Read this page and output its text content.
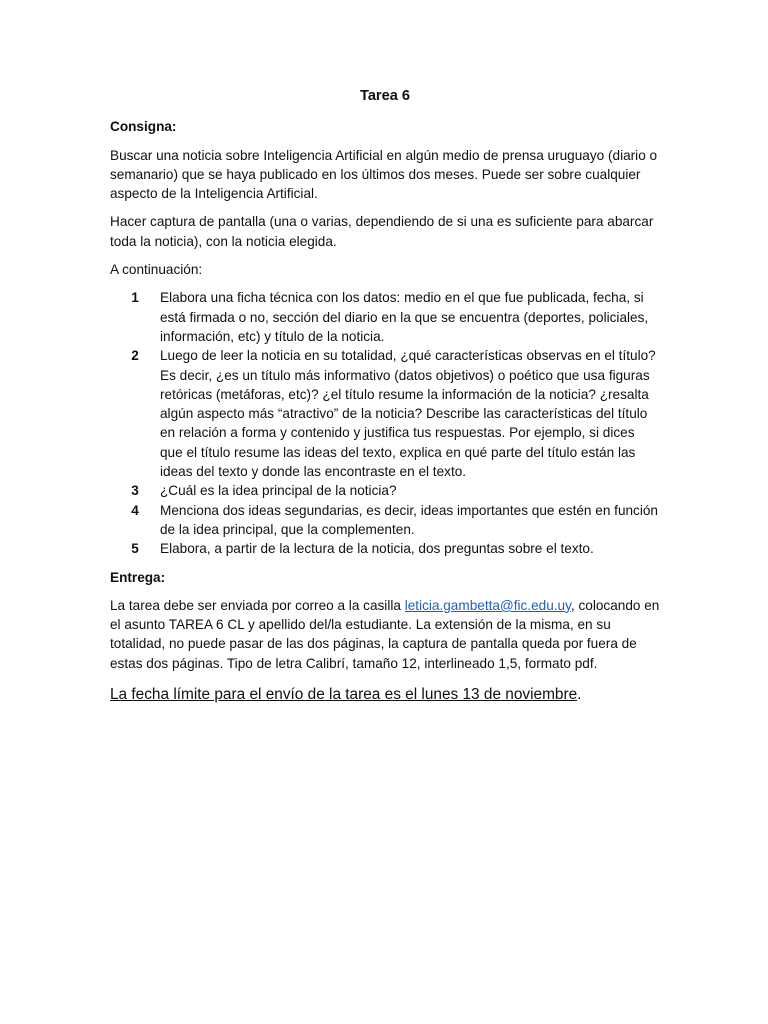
Tarea 6
Consigna:

Buscar una noticia sobre Inteligencia Artificial en algún medio de prensa uruguayo (diario o semanario) que se haya publicado en los últimos dos meses. Puede ser sobre cualquier aspecto de la Inteligencia Artificial.

Hacer captura de pantalla (una o varias, dependiendo de si una es suficiente para abarcar toda la noticia), con la noticia elegida.

A continuación:

1	Elabora una ficha técnica con los datos: medio en el que fue publicada, fecha, si está firmada o no, sección del diario en la que se encuentra (deportes, policiales, información, etc) y título de la noticia.
2	Luego de leer la noticia en su totalidad, ¿qué características observas en el título? Es decir, ¿es un título más informativo (datos objetivos) o poético que usa figuras retóricas (metáforas, etc)? ¿el título resume la información de la noticia? ¿resalta algún aspecto más “atractivo” de la noticia? Describe las características del título en relación a forma y contenido y justifica tus respuestas. Por ejemplo, si dices que el título resume las ideas del texto, explica en qué parte del título están las ideas del texto y donde las encontraste en el texto.
3	¿Cuál es la idea principal de la noticia?
4	Menciona dos ideas segundarias, es decir, ideas importantes que estén en función de la idea principal, que la complementen.
5	Elabora, a partir de la lectura de la noticia, dos preguntas sobre el texto.
Entrega:

La tarea debe ser enviada por correo a la casilla leticia.gambetta@fic.edu.uy, colocando en el asunto TAREA 6 CL y apellido del/la estudiante. La extensión de la misma, en su totalidad, no puede pasar de las dos páginas, la captura de pantalla queda por fuera de estas dos páginas. Tipo de letra Calibrí, tamaño 12, interlineado 1,5, formato pdf.

La fecha límite para el envío de la tarea es el lunes 13 de noviembre.
